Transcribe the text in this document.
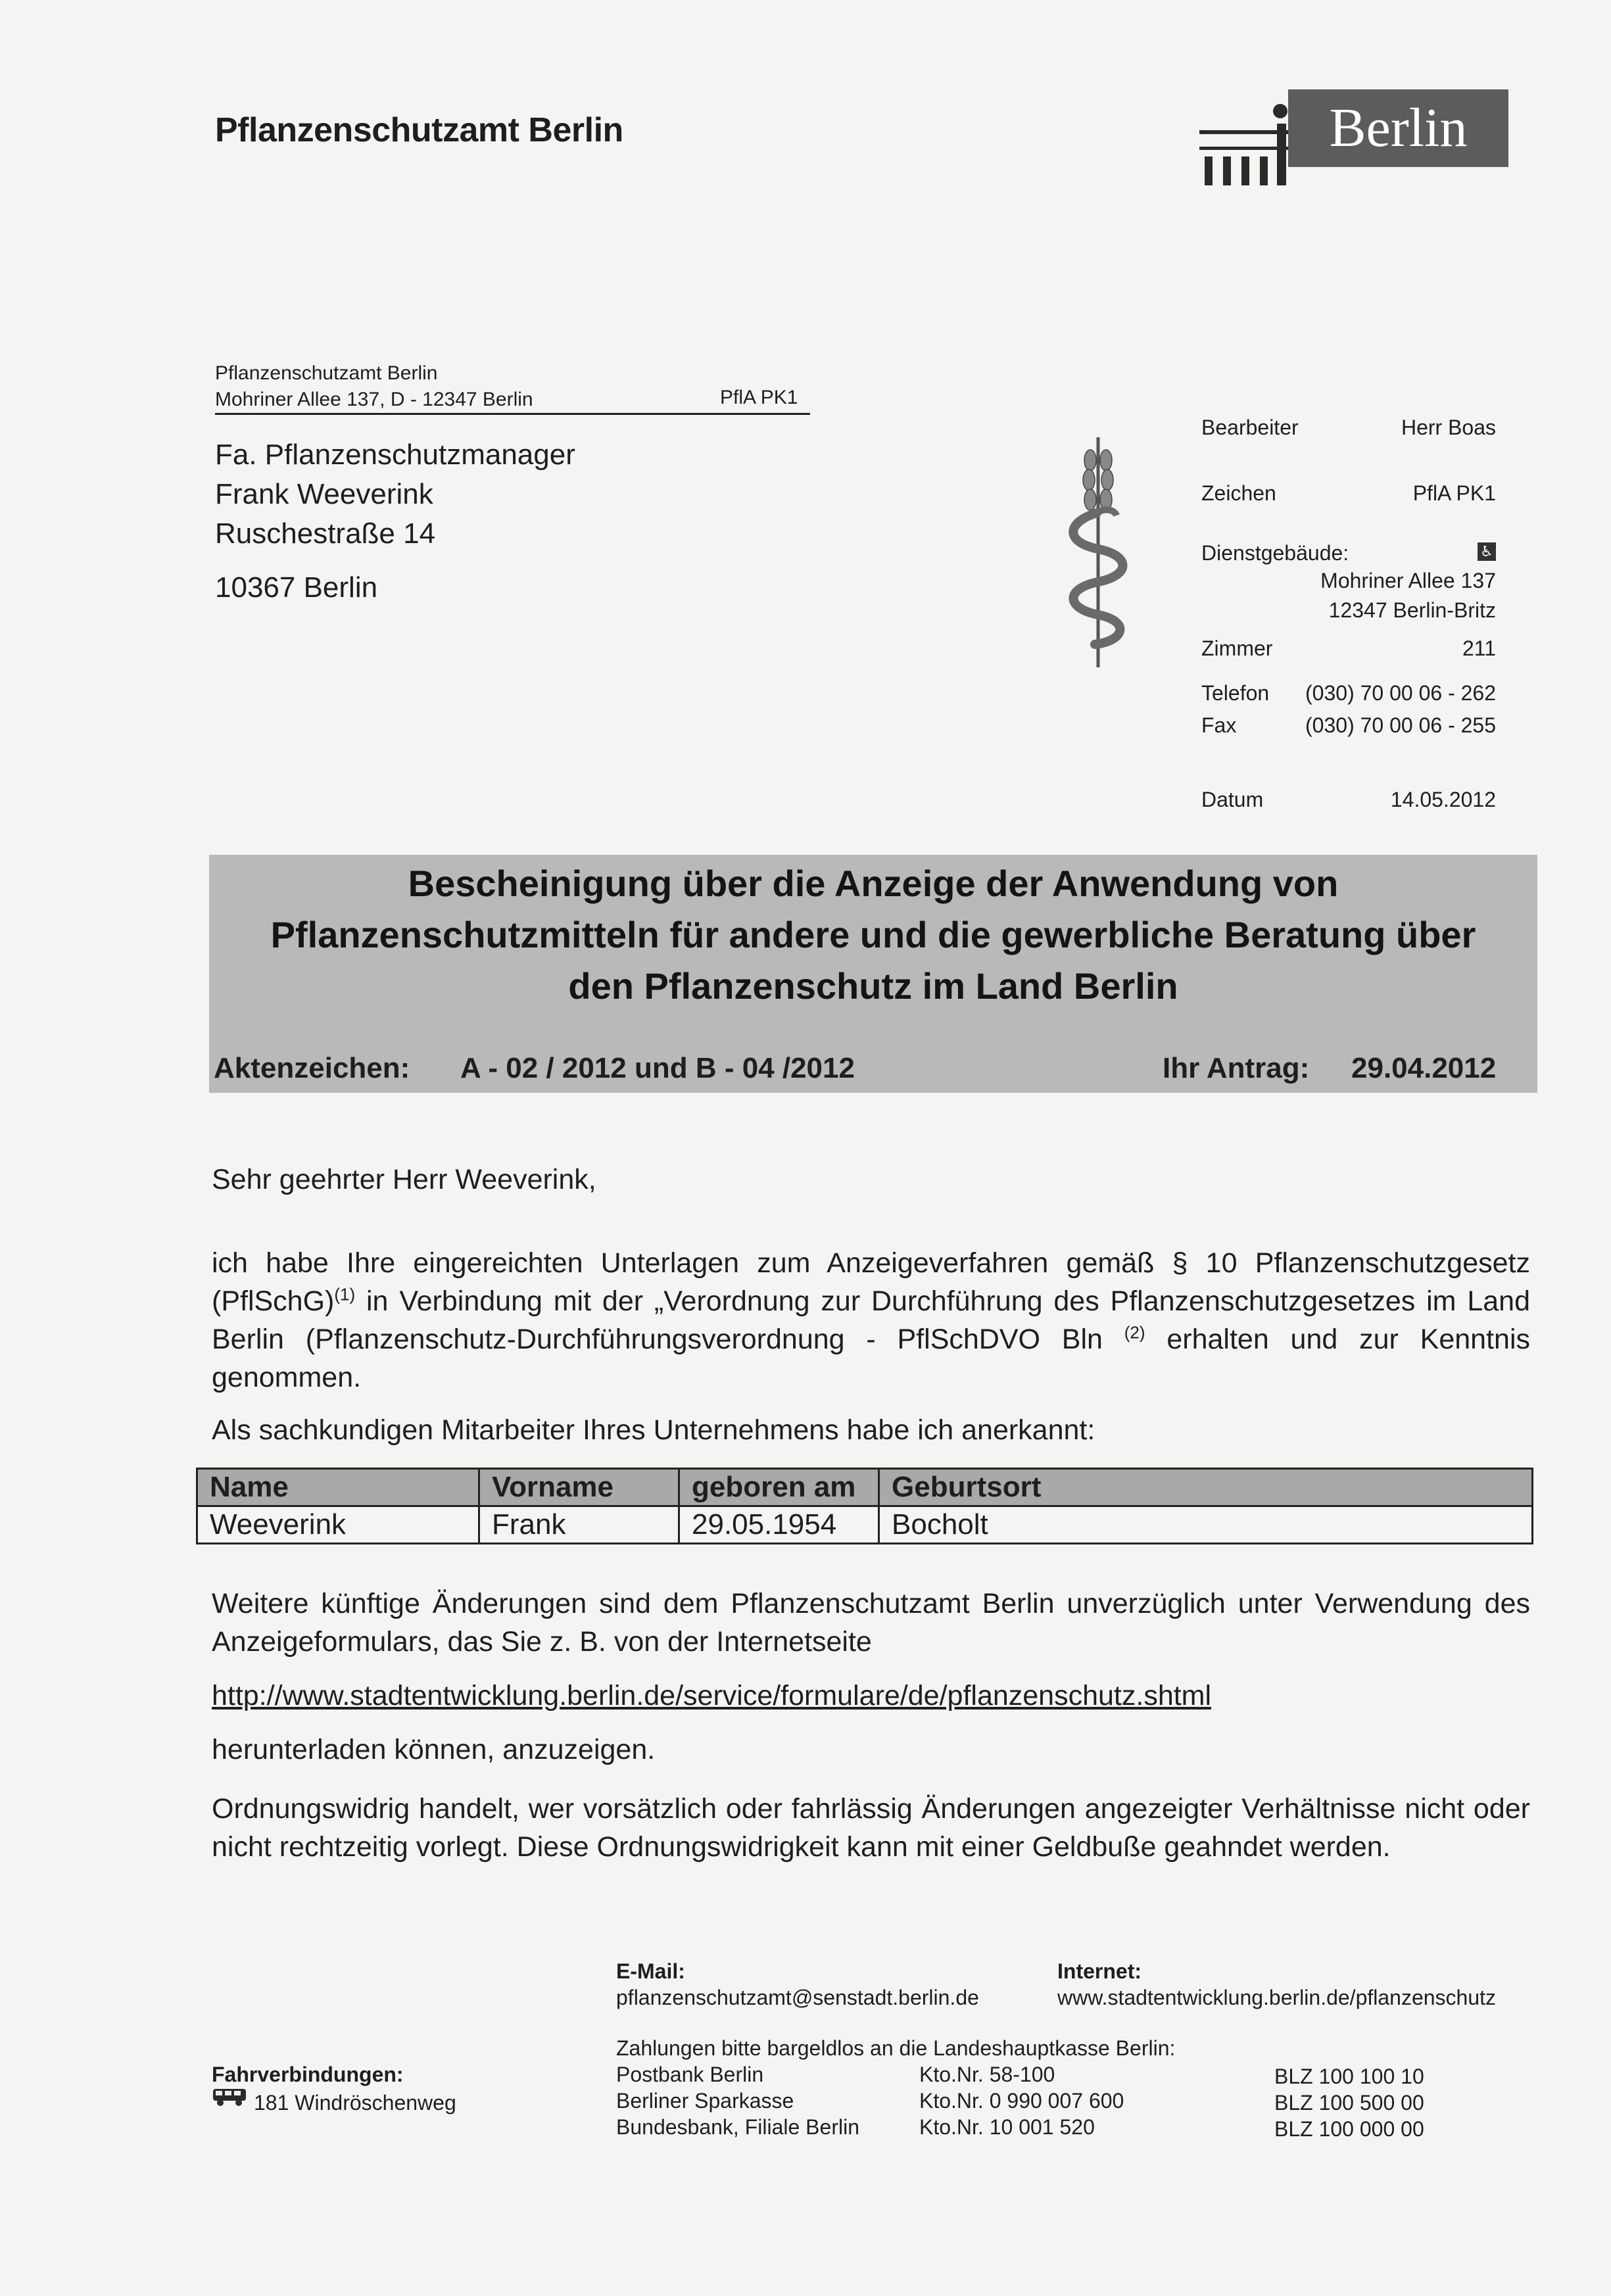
Pflanzenschutzamt Berlin	Berlin
Pflanzenschutzamt Berlin
Mohriner Allee 137, D - 12347 Berlin	PflA PK1
Fa. Pflanzenschutzmanager
Frank Weeverink
Ruschestraße 14
10367 Berlin
Bearbeiter	Herr Boas
Zeichen	PflA PK1
Dienstgebäude:	♿
Mohriner Allee 137
12347 Berlin-Britz
Zimmer	211
Telefon (030) 70 00 06 - 262
Fax	(030) 70 00 06 - 255
Datum	14.05.2012
Bescheinigung über die Anzeige der Anwendung von
Pflanzenschutzmitteln für andere und die gewerbliche Beratung über
den Pflanzenschutz im Land Berlin
Aktenzeichen: A - 02 / 2012 und B - 04 /2012	Ihr Antrag: 29.04.2012
Sehr geehrter Herr Weeverink,
ich habe Ihre eingereichten Unterlagen zum Anzeigeverfahren gemäß § 10 Pflanzenschutzgesetz (PflSchG)$^{(1)}$ in Verbindung mit der „Verordnung zur Durchführung des Pflanzenschutzgesetzes im Land Berlin (Pflanzenschutz-Durchführungsverordnung - PflSchDVO Bln $^{(2)}$ erhalten und zur Kenntnis genommen.
Als sachkundigen Mitarbeiter Ihres Unternehmens habe ich anerkannt:
Name	Vorname	geboren am	Geburtsort
Weeverink	Frank	29.05.1954	Bocholt
Weitere künftige Änderungen sind dem Pflanzenschutzamt Berlin unverzüglich unter Verwendung des Anzeigeformulars, das Sie z. B. von der Internetseite
http://www.stadtentwicklung.berlin.de/service/formulare/de/pflanzenschutz.shtml
herunterladen können, anzuzeigen.
Ordnungswidrig handelt, wer vorsätzlich oder fahrlässig Änderungen angezeigter Verhältnisse nicht oder nicht rechtzeitig vorlegt. Diese Ordnungswidrigkeit kann mit einer Geldbuße geahndet werden.
E-Mail:
pflanzenschutzamt@senstadt.berlin.de
Internet:
www.stadtentwicklung.berlin.de/pflanzenschutz
Zahlungen bitte bargeldlos an die Landeshauptkasse Berlin:
Postbank Berlin	Kto.Nr. 58-100	BLZ 100 100 10
Berliner Sparkasse	Kto.Nr. 0 990 007 600	BLZ 100 500 00
Bundesbank, Filiale Berlin	Kto.Nr. 10 001 520	BLZ 100 000 00
Fahrverbindungen:
181 Windröschenweg
